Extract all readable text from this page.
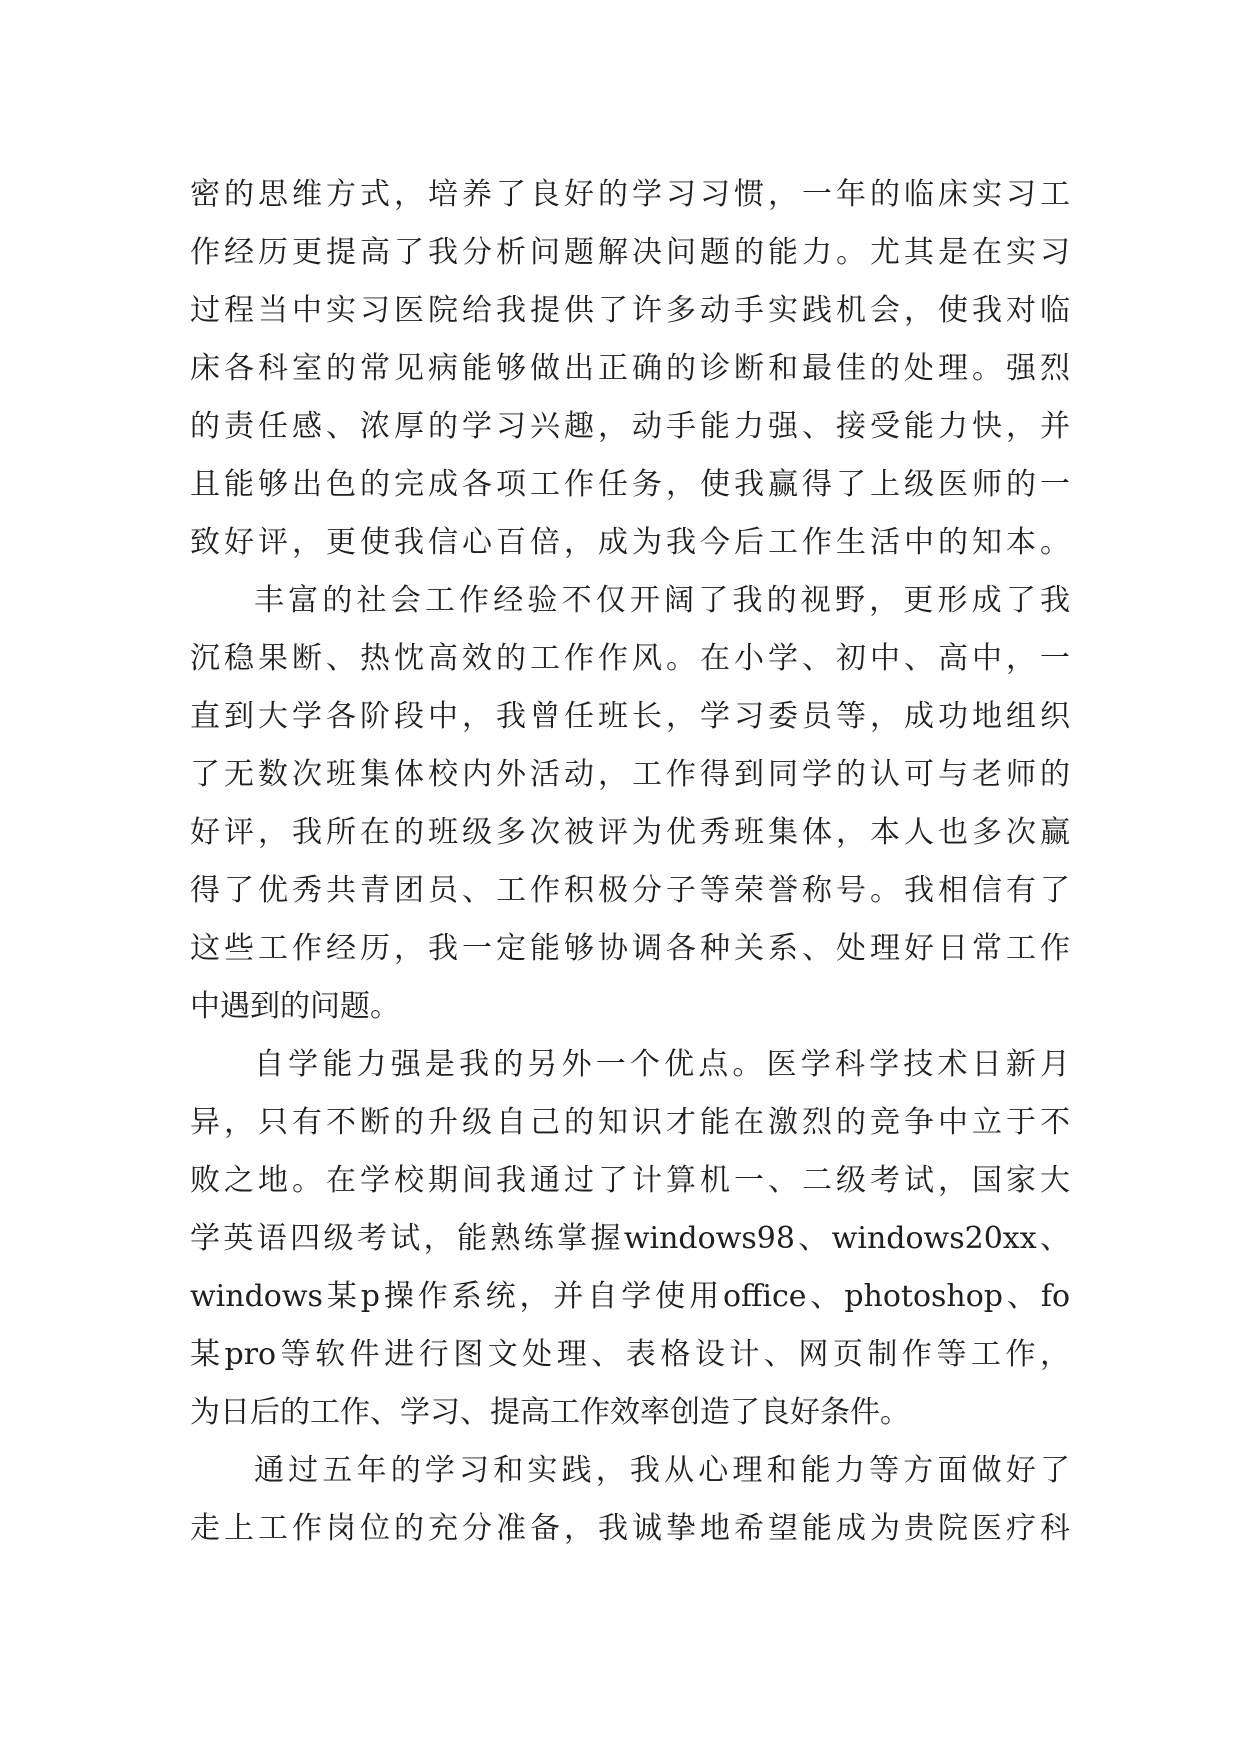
密的思维方式，培养了良好的学习习惯，一年的临床实习工
作经历更提高了我分析问题解决问题的能力。尤其是在实习
过程当中实习医院给我提供了许多动手实践机会，使我对临
床各科室的常见病能够做出正确的诊断和最佳的处理。强烈
的责任感、浓厚的学习兴趣，动手能力强、接受能力快，并
且能够出色的完成各项工作任务，使我赢得了上级医师的一
致好评，更使我信心百倍，成为我今后工作生活中的知本。
丰富的社会工作经验不仅开阔了我的视野，更形成了我
沉稳果断、热忱高效的工作作风。在小学、初中、高中，一
直到大学各阶段中，我曾任班长，学习委员等，成功地组织
了无数次班集体校内外活动，工作得到同学的认可与老师的
好评，我所在的班级多次被评为优秀班集体，本人也多次赢
得了优秀共青团员、工作积极分子等荣誉称号。我相信有了
这些工作经历，我一定能够协调各种关系、处理好日常工作
中遇到的问题。
自学能力强是我的另外一个优点。医学科学技术日新月
异，只有不断的升级自己的知识才能在激烈的竞争中立于不
败之地。在学校期间我通过了计算机一、二级考试，国家大
学英语四级考试，能熟练掌握windows98、windows20xx、
windows某p操作系统，并自学使用office、photoshop、fo
某pro等软件进行图文处理、表格设计、网页制作等工作，
为日后的工作、学习、提高工作效率创造了良好条件。
通过五年的学习和实践，我从心理和能力等方面做好了
走上工作岗位的充分准备，我诚挚地希望能成为贵院医疗科
